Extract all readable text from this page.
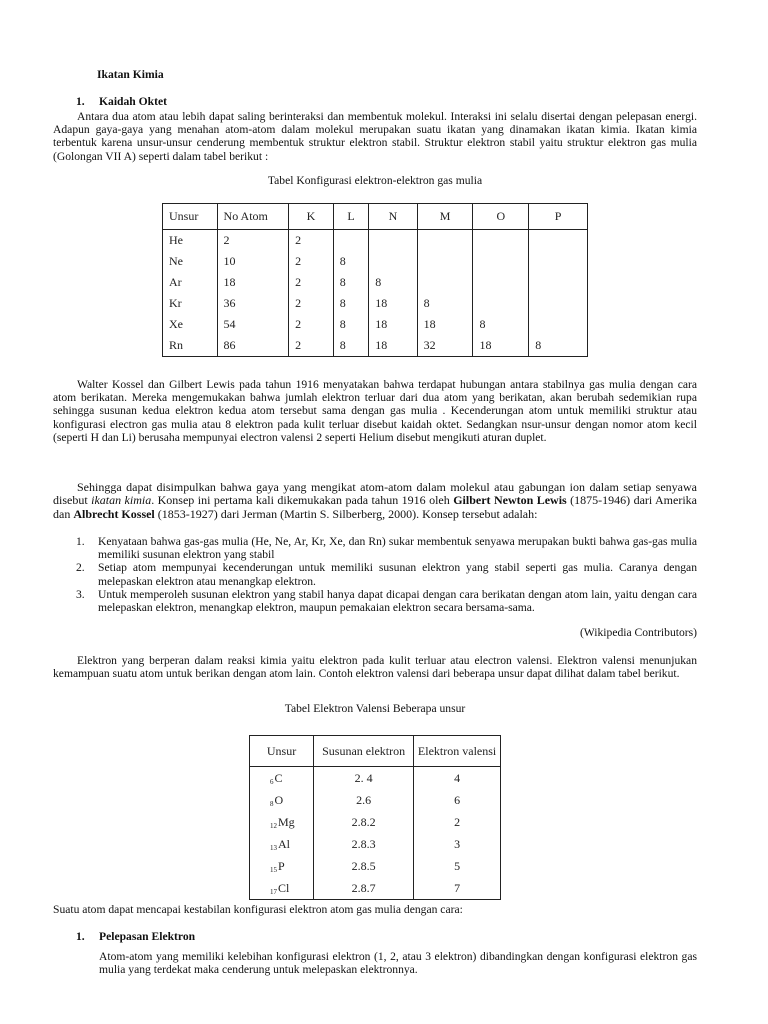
Ikatan Kimia
1. Kaidah Oktet
Antara dua atom atau lebih dapat saling berinteraksi dan membentuk molekul. Interaksi ini selalu disertai dengan pelepasan energi. Adapun gaya-gaya yang menahan atom-atom dalam molekul merupakan suatu ikatan yang dinamakan ikatan kimia. Ikatan kimia terbentuk karena unsur-unsur cenderung membentuk struktur elektron stabil. Struktur elektron stabil yaitu struktur elektron gas mulia (Golongan VII A) seperti dalam tabel berikut :
Tabel Konfigurasi elektron-elektron gas mulia
Unsur	No Atom	K	L	N	M	O	P
He	2	2					
Ne	10	2	8				
Ar	18	2	8	8			
Kr	36	2	8	18	8		
Xe	54	2	8	18	18	8	
Rn	86	2	8	18	32	18	8
Walter Kossel dan Gilbert Lewis pada tahun 1916 menyatakan bahwa terdapat hubungan antara stabilnya gas mulia dengan cara atom berikatan. Mereka mengemukakan bahwa jumlah elektron terluar dari dua atom yang berikatan, akan berubah sedemikian rupa sehingga susunan kedua elektron kedua atom tersebut sama dengan gas mulia . Kecenderungan atom untuk memiliki struktur atau konfigurasi electron gas mulia atau 8 elektron pada kulit terluar disebut kaidah oktet. Sedangkan nsur-unsur dengan nomor atom kecil (seperti H dan Li) berusaha mempunyai electron valensi 2 seperti Helium disebut mengikuti aturan duplet.
Sehingga dapat disimpulkan bahwa gaya yang mengikat atom-atom dalam molekul atau gabungan ion dalam setiap senyawa disebut ikatan kimia. Konsep ini pertama kali dikemukakan pada tahun 1916 oleh Gilbert Newton Lewis (1875-1946) dari Amerika dan Albrecht Kossel (1853-1927) dari Jerman (Martin S. Silberberg, 2000). Konsep tersebut adalah:
1.	Kenyataan bahwa gas-gas mulia (He, Ne, Ar, Kr, Xe, dan Rn) sukar membentuk senyawa merupakan bukti bahwa gas-gas mulia memiliki susunan elektron yang stabil
2.	Setiap atom mempunyai kecenderungan untuk memiliki susunan elektron yang stabil seperti gas mulia. Caranya dengan melepaskan elektron atau menangkap elektron.
3.	Untuk memperoleh susunan elektron yang stabil hanya dapat dicapai dengan cara berikatan dengan atom lain, yaitu dengan cara melepaskan elektron, menangkap elektron, maupun pemakaian elektron secara bersama-sama.
(Wikipedia Contributors)
Elektron yang berperan dalam reaksi kimia yaitu elektron pada kulit terluar atau electron valensi. Elektron valensi menunjukan kemampuan suatu atom untuk berikan dengan atom lain. Contoh elektron valensi dari beberapa unsur dapat dilihat dalam tabel berikut.
Tabel Elektron Valensi Beberapa unsur
Unsur	Susunan elektron	Elektron valensi
$_6$C	2. 4	4
$_8$O	2.6	6
$_{12}$Mg	2.8.2	2
$_{13}$Al	2.8.3	3
$_{15}$P	2.8.5	5
$_{17}$Cl	2.8.7	7
Suatu atom dapat mencapai kestabilan konfigurasi elektron atom gas mulia dengan cara:
1. Pelepasan Elektron
Atom-atom yang memiliki kelebihan konfigurasi elektron (1, 2, atau 3 elektron) dibandingkan dengan konfigurasi elektron gas mulia yang terdekat maka cenderung untuk melepaskan elektronnya.
